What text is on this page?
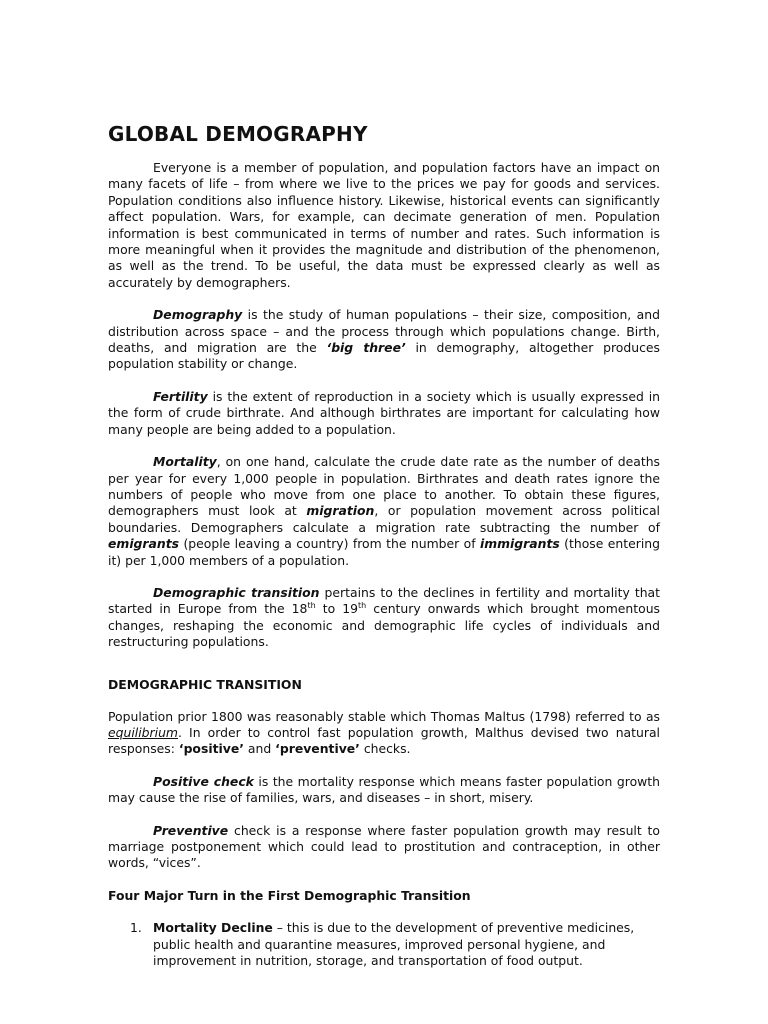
GLOBAL DEMOGRAPHY

Everyone is a member of population, and population factors have an impact on many facets of life – from where we live to the prices we pay for goods and services. Population conditions also influence history. Likewise, historical events can significantly affect population. Wars, for example, can decimate generation of men. Population information is best communicated in terms of number and rates. Such information is more meaningful when it provides the magnitude and distribution of the phenomenon, as well as the trend. To be useful, the data must be expressed clearly as well as accurately by demographers.

Demography is the study of human populations – their size, composition, and distribution across space – and the process through which populations change. Birth, deaths, and migration are the ‘big three’ in demography, altogether produces population stability or change.

Fertility is the extent of reproduction in a society which is usually expressed in the form of crude birthrate. And although birthrates are important for calculating how many people are being added to a population.

Mortality, on one hand, calculate the crude date rate as the number of deaths per year for every 1,000 people in population. Birthrates and death rates ignore the numbers of people who move from one place to another. To obtain these figures, demographers must look at migration, or population movement across political boundaries. Demographers calculate a migration rate subtracting the number of emigrants (people leaving a country) from the number of immigrants (those entering it) per 1,000 members of a population.

Demographic transition pertains to the declines in fertility and mortality that started in Europe from the 18th to 19th century onwards which brought momentous changes, reshaping the economic and demographic life cycles of individuals and restructuring populations.

DEMOGRAPHIC TRANSITION

Population prior 1800 was reasonably stable which Thomas Maltus (1798) referred to as equilibrium. In order to control fast population growth, Malthus devised two natural responses: ‘positive’ and ‘preventive’ checks.

Positive check is the mortality response which means faster population growth may cause the rise of families, wars, and diseases – in short, misery.

Preventive check is a response where faster population growth may result to marriage postponement which could lead to prostitution and contraception, in other words, “vices”.

Four Major Turn in the First Demographic Transition
1. Mortality Decline – this is due to the development of preventive medicines, public health and quarantine measures, improved personal hygiene, and improvement in nutrition, storage, and transportation of food output.
